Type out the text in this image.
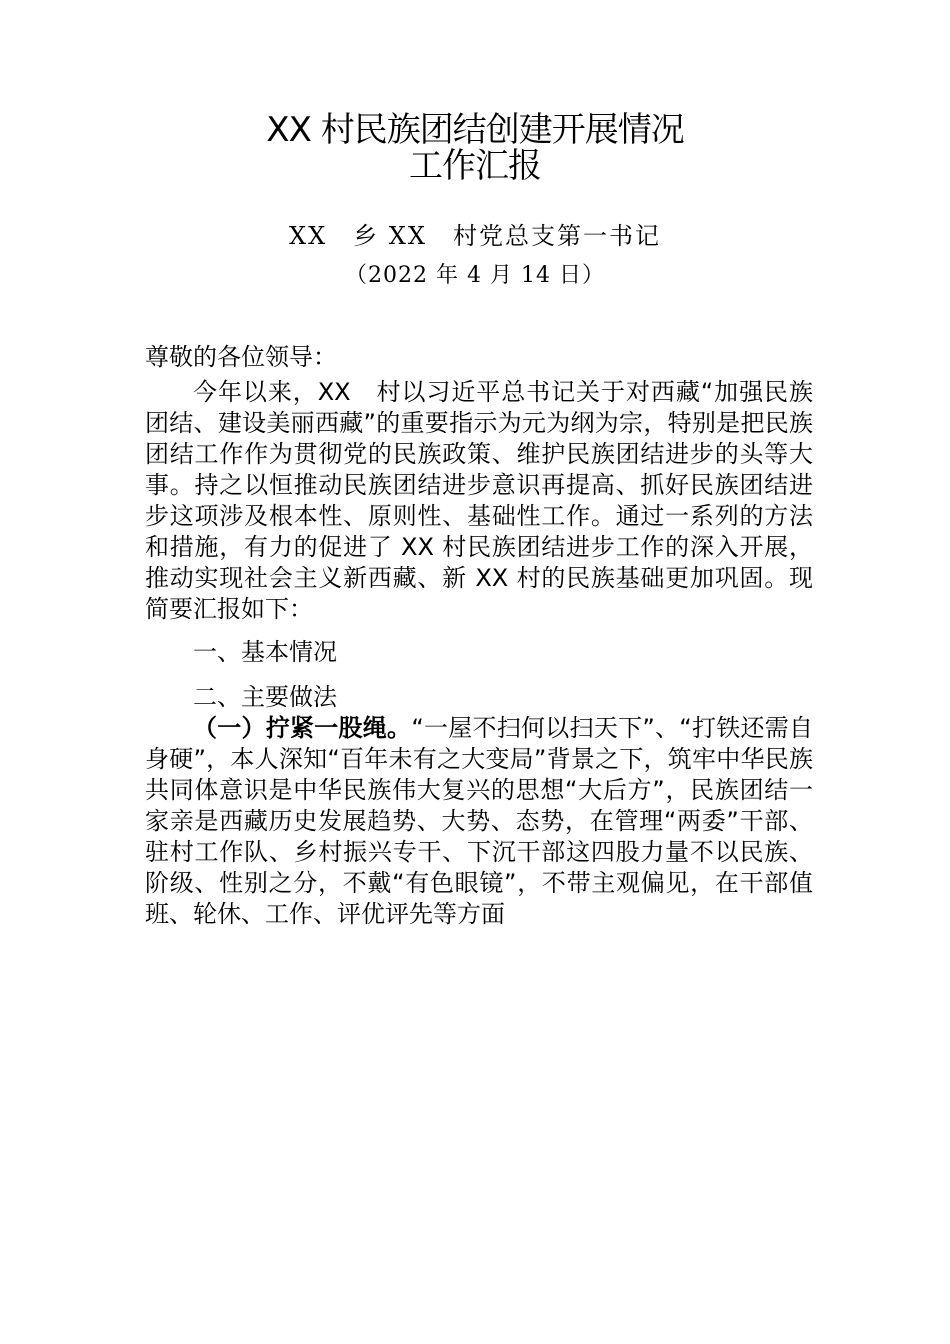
XX 村民族团结创建开展情况
工作汇报
XX　乡 XX　村党总支第一书记
（2022 年 4 月 14 日）

尊敬的各位领导：

今年以来，XX　村以习近平总书记关于对西藏“加强民族团结、建设美丽西藏”的重要指示为元为纲为宗，特别是把民族团结工作作为贯彻党的民族政策、维护民族团结进步的头等大事。持之以恒推动民族团结进步意识再提高、抓好民族团结进步这项涉及根本性、原则性、基础性工作。通过一系列的方法和措施，有力的促进了 XX 村民族团结进步工作的深入开展，推动实现社会主义新西藏、新 XX 村的民族基础更加巩固。现简要汇报如下：

一、基本情况

二、主要做法

（一）拧紧一股绳。“一屋不扫何以扫天下”、“打铁还需自身硬”，本人深知“百年未有之大变局”背景之下，筑牢中华民族共同体意识是中华民族伟大复兴的思想“大后方”，民族团结一家亲是西藏历史发展趋势、大势、态势，在管理“两委”干部、驻村工作队、乡村振兴专干、下沉干部这四股力量不以民族、阶级、性别之分，不戴“有色眼镜”，不带主观偏见，在干部值班、轮休、工作、评优评先等方面
